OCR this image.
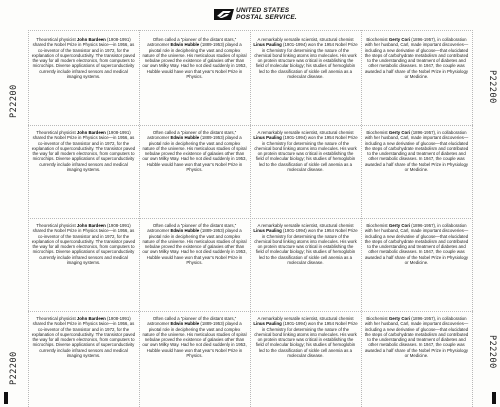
UNITED STATES
POSTAL SERVICE.
P22200
P22200
P22200
P22200

Theoretical physicist John Bardeen (1908-1991) shared the Nobel Prize in Physics twice—in 1956, as co-inventor of the transistor and in 1972, for the explanation of superconductivity. The transistor paved the way for all modern electronics, from computers to microchips. Diverse applications of superconductivity currently include infrared sensors and medical imaging systems.

Often called a “pioneer of the distant stars,” astronomer Edwin Hubble (1889-1953) played a pivotal role in deciphering the vast and complex nature of the universe. His meticulous studies of spiral nebulae proved the existence of galaxies other than our own Milky Way. Had he not died suddenly in 1953, Hubble would have won that year’s Nobel Prize in Physics.

A remarkably versatile scientist, structural chemist Linus Pauling (1901-1994) won the 1954 Nobel Prize in Chemistry for determining the nature of the chemical bond linking atoms into molecules. His work on protein structure was critical in establishing the field of molecular biology; his studies of hemoglobin led to the classification of sickle cell anemia as a molecular disease.

Biochemist Gerty Cori (1896-1957), in collaboration with her husband, Carl, made important discoveries—including a new derivative of glucose—that elucidated the steps of carbohydrate metabolism and contributed to the understanding and treatment of diabetes and other metabolic diseases. In 1947, the couple was awarded a half share of the Nobel Prize in Physiology or Medicine.

Theoretical physicist John Bardeen (1908-1991) shared the Nobel Prize in Physics twice—in 1956, as co-inventor of the transistor and in 1972, for the explanation of superconductivity. The transistor paved the way for all modern electronics, from computers to microchips. Diverse applications of superconductivity currently include infrared sensors and medical imaging systems.

Often called a “pioneer of the distant stars,” astronomer Edwin Hubble (1889-1953) played a pivotal role in deciphering the vast and complex nature of the universe. His meticulous studies of spiral nebulae proved the existence of galaxies other than our own Milky Way. Had he not died suddenly in 1953, Hubble would have won that year’s Nobel Prize in Physics.

A remarkably versatile scientist, structural chemist Linus Pauling (1901-1994) won the 1954 Nobel Prize in Chemistry for determining the nature of the chemical bond linking atoms into molecules. His work on protein structure was critical in establishing the field of molecular biology; his studies of hemoglobin led to the classification of sickle cell anemia as a molecular disease.

Biochemist Gerty Cori (1896-1957), in collaboration with her husband, Carl, made important discoveries—including a new derivative of glucose—that elucidated the steps of carbohydrate metabolism and contributed to the understanding and treatment of diabetes and other metabolic diseases. In 1947, the couple was awarded a half share of the Nobel Prize in Physiology or Medicine.

Theoretical physicist John Bardeen (1908-1991) shared the Nobel Prize in Physics twice—in 1956, as co-inventor of the transistor and in 1972, for the explanation of superconductivity. The transistor paved the way for all modern electronics, from computers to microchips. Diverse applications of superconductivity currently include infrared sensors and medical imaging systems.

Often called a “pioneer of the distant stars,” astronomer Edwin Hubble (1889-1953) played a pivotal role in deciphering the vast and complex nature of the universe. His meticulous studies of spiral nebulae proved the existence of galaxies other than our own Milky Way. Had he not died suddenly in 1953, Hubble would have won that year’s Nobel Prize in Physics.

A remarkably versatile scientist, structural chemist Linus Pauling (1901-1994) won the 1954 Nobel Prize in Chemistry for determining the nature of the chemical bond linking atoms into molecules. His work on protein structure was critical in establishing the field of molecular biology; his studies of hemoglobin led to the classification of sickle cell anemia as a molecular disease.

Biochemist Gerty Cori (1896-1957), in collaboration with her husband, Carl, made important discoveries—including a new derivative of glucose—that elucidated the steps of carbohydrate metabolism and contributed to the understanding and treatment of diabetes and other metabolic diseases. In 1947, the couple was awarded a half share of the Nobel Prize in Physiology or Medicine.

Theoretical physicist John Bardeen (1908-1991) shared the Nobel Prize in Physics twice—in 1956, as co-inventor of the transistor and in 1972, for the explanation of superconductivity. The transistor paved the way for all modern electronics, from computers to microchips. Diverse applications of superconductivity currently include infrared sensors and medical imaging systems.

Often called a “pioneer of the distant stars,” astronomer Edwin Hubble (1889-1953) played a pivotal role in deciphering the vast and complex nature of the universe. His meticulous studies of spiral nebulae proved the existence of galaxies other than our own Milky Way. Had he not died suddenly in 1953, Hubble would have won that year’s Nobel Prize in Physics.

A remarkably versatile scientist, structural chemist Linus Pauling (1901-1994) won the 1954 Nobel Prize in Chemistry for determining the nature of the chemical bond linking atoms into molecules. His work on protein structure was critical in establishing the field of molecular biology; his studies of hemoglobin led to the classification of sickle cell anemia as a molecular disease.

Biochemist Gerty Cori (1896-1957), in collaboration with her husband, Carl, made important discoveries—including a new derivative of glucose—that elucidated the steps of carbohydrate metabolism and contributed to the understanding and treatment of diabetes and other metabolic diseases. In 1947, the couple was awarded a half share of the Nobel Prize in Physiology or Medicine.
